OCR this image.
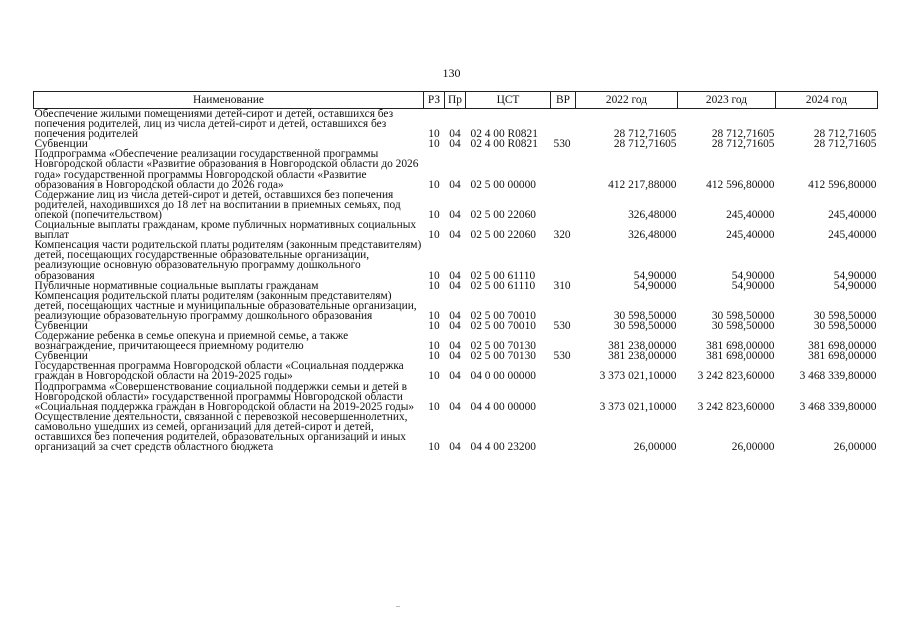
130
Наименование	РЗ	Пр	ЦСТ	ВР	2022 год	2023 год	2024 год
Обеспечение жилыми помещениями детей-сирот и детей, оставшихся без попечения родителей, лиц из числа детей-сирот и детей, оставшихся без попечения родителей	10	04	02 4 00 R0821		28 712,71605	28 712,71605	28 712,71605
Субвенции	10	04	02 4 00 R0821	530	28 712,71605	28 712,71605	28 712,71605
Подпрограмма «Обеспечение реализации государственной программы Новгородской области «Развитие образования в Новгородской области до 2026 года» государственной программы Новгородской области «Развитие образования в Новгородской области до 2026 года»	10	04	02 5 00 00000		412 217,88000	412 596,80000	412 596,80000
Содержание лиц из числа детей-сирот и детей, оставшихся без попечения родителей, находившихся до 18 лет на воспитании в приемных семьях, под опекой (попечительством)	10	04	02 5 00 22060		326,48000	245,40000	245,40000
Социальные выплаты гражданам, кроме публичных нормативных социальных выплат	10	04	02 5 00 22060	320	326,48000	245,40000	245,40000
Компенсация части родительской платы родителям (законным представителям) детей, посещающих государственные образовательные организации, реализующие основную образовательную программу дошкольного образования	10	04	02 5 00 61110		54,90000	54,90000	54,90000
Публичные нормативные социальные выплаты гражданам	10	04	02 5 00 61110	310	54,90000	54,90000	54,90000
Компенсация родительской платы родителям (законным представителям) детей, посещающих частные и муниципальные образовательные организации, реализующие образовательную программу дошкольного образования	10	04	02 5 00 70010		30 598,50000	30 598,50000	30 598,50000
Субвенции	10	04	02 5 00 70010	530	30 598,50000	30 598,50000	30 598,50000
Содержание ребенка в семье опекуна и приемной семье, а также вознаграждение, причитающееся приемному родителю	10	04	02 5 00 70130		381 238,00000	381 698,00000	381 698,00000
Субвенции	10	04	02 5 00 70130	530	381 238,00000	381 698,00000	381 698,00000
Государственная программа Новгородской области «Социальная поддержка граждан в Новгородской области на 2019-2025 годы»	10	04	04 0 00 00000		3 373 021,10000	3 242 823,60000	3 468 339,80000
Подпрограмма «Совершенствование социальной поддержки семьи и детей в Новгородской области» государственной программы Новгородской области «Социальная поддержка граждан в Новгородской области на 2019-2025 годы»	10	04	04 4 00 00000		3 373 021,10000	3 242 823,60000	3 468 339,80000
Осуществление деятельности, связанной с перевозкой несовершеннолетних, самовольно ушедших из семей, организаций для детей-сирот и детей, оставшихся без попечения родителей, образовательных организаций и иных организаций за счет средств областного бюджета	10	04	04 4 00 23200		26,00000	26,00000	26,00000
